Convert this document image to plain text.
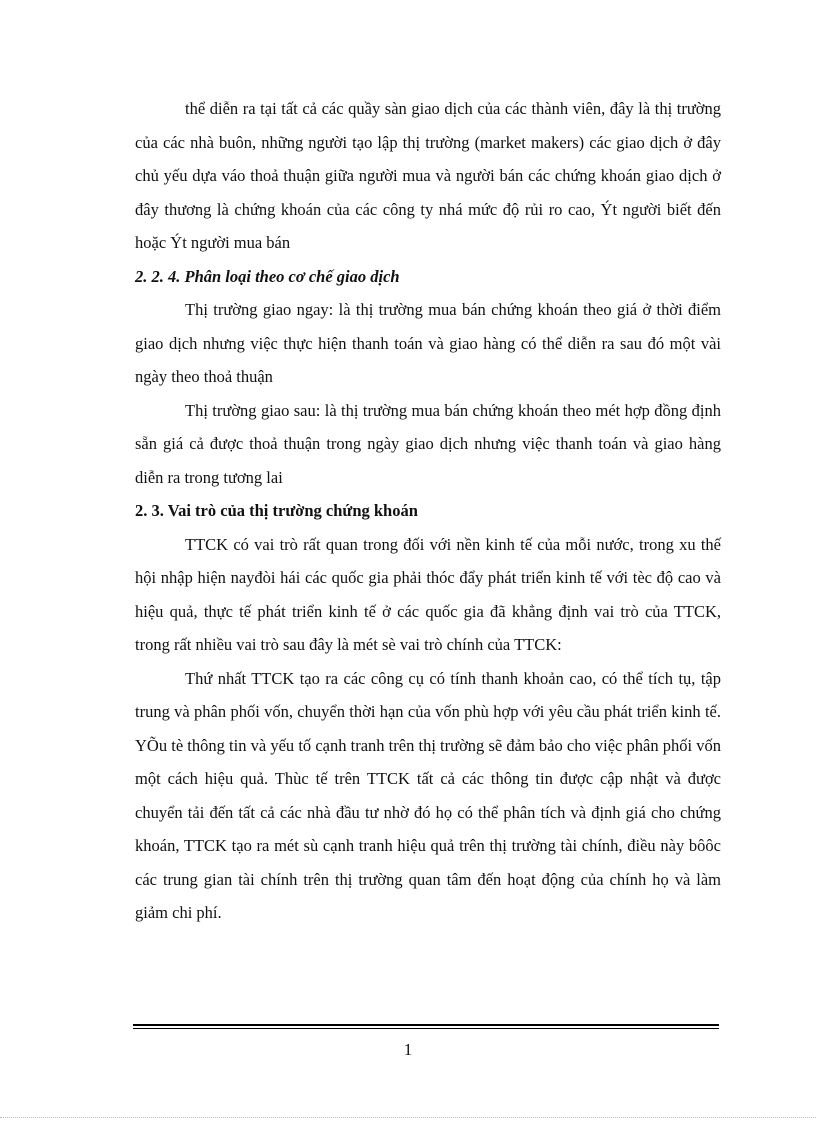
thể diễn ra tại tất cả các quầy sàn giao dịch của các thành viên, đây là thị trường của các nhà buôn, những người tạo lập thị trường (market makers) các giao dịch ở đây chủ yếu dựa váo thoả thuận giữa người mua và người bán các chứng khoán giao dịch ở đây thương là chứng khoán của các công ty nhá mức độ rủi ro cao, Ýt người biết đến hoặc Ýt người mua bán

2. 2. 4. Phân loại theo cơ chế giao dịch

Thị trường giao ngay: là thị trường mua bán chứng khoán theo giá ở thời điểm giao dịch nhưng việc thực hiện thanh toán và giao hàng có thể diễn ra sau đó một vài ngày theo thoả thuận

Thị trường giao sau: là thị trường mua bán chứng khoán theo mét hợp đồng định sẵn giá cả được thoả thuận trong ngày giao dịch nhưng việc thanh toán và giao hàng diễn ra trong tương lai

2. 3. Vai trò của thị trường chứng khoán

TTCK có vai trò rất quan trong đối với nền kinh tế của mỗi nước, trong xu thế hội nhập hiện nayđòi hái các quốc gia phải thóc đẩy phát triển kinh tế với tèc độ cao và hiệu quả, thực tế phát triển kinh tế ở các quốc gia đã khẳng định vai trò của TTCK, trong rất nhiều vai trò sau đây là mét sè vai trò chính của TTCK:

Thứ nhất TTCK tạo ra các công cụ có tính thanh khoản cao, có thể tích tụ, tập trung và phân phối vốn, chuyển thời hạn của vốn phù hợp với yêu cầu phát triển kinh tế. YÕu tè thông tin và yếu tố cạnh tranh trên thị trường sẽ đảm bảo cho việc phân phối vốn một cách hiệu quả. Thùc tế trên TTCK tất cả các thông tin được cập nhật và được chuyển tải đến tất cả các nhà đầu tư nhờ đó họ có thể phân tích và định giá cho chứng khoán, TTCK tạo ra mét sù cạnh tranh hiệu quả trên thị trường tài chính, điều này bôôc các trung gian tài chính trên thị trường quan tâm đến hoạt động của chính họ và làm giảm chi phí.

1
